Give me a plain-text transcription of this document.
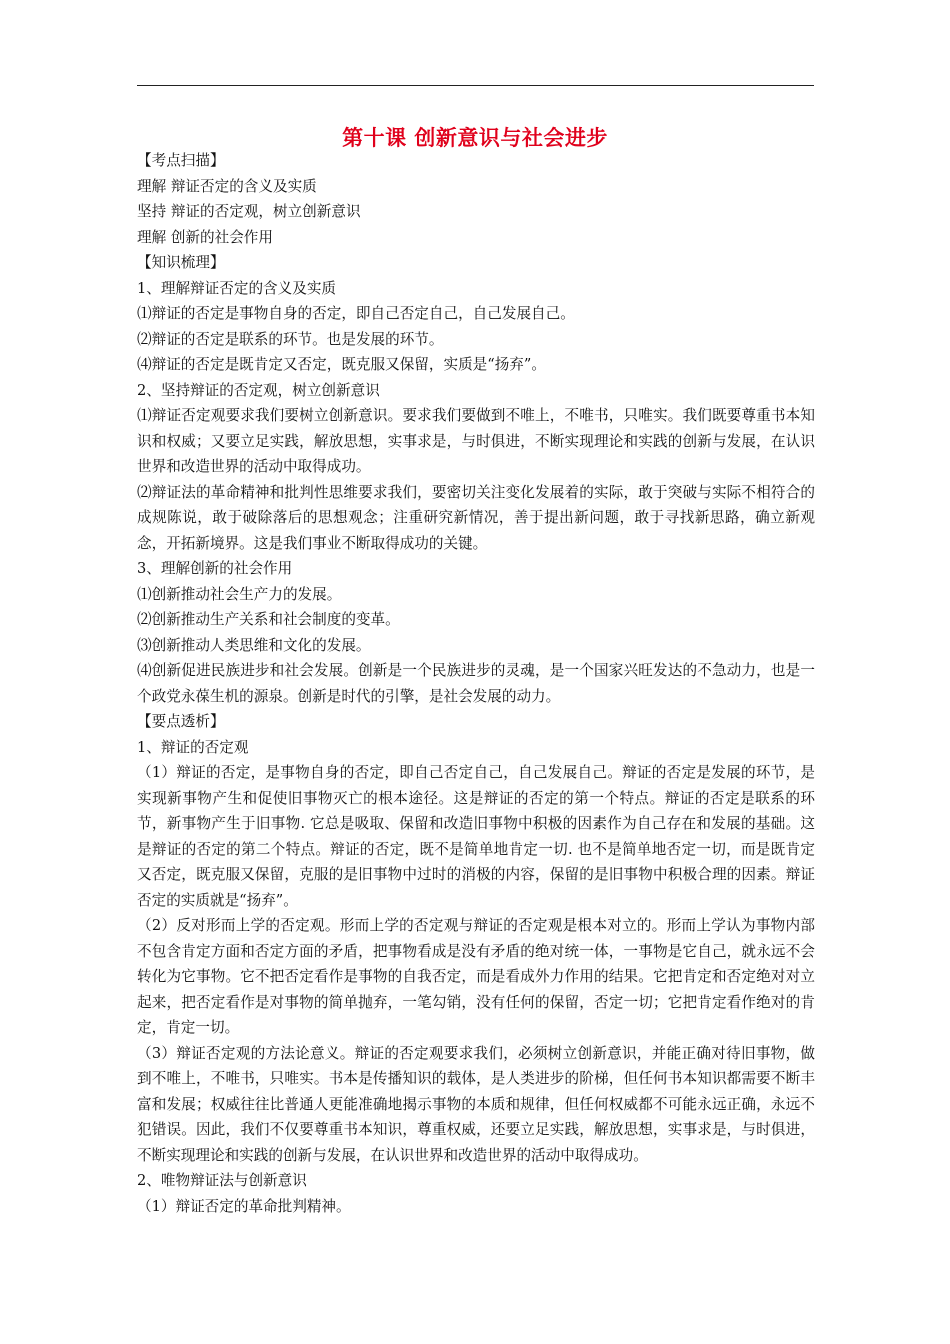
第十课 创新意识与社会进步

【考点扫描】

理解 辩证否定的含义及实质

坚持 辩证的否定观，树立创新意识

理解 创新的社会作用

【知识梳理】

1、理解辩证否定的含义及实质

⑴辩证的否定是事物自身的否定，即自己否定自己，自己发展自己。

⑵辩证的否定是联系的环节。也是发展的环节。

⑷辩证的否定是既肯定又否定，既克服又保留，实质是“扬弃”。

2、坚持辩证的否定观，树立创新意识

⑴辩证否定观要求我们要树立创新意识。要求我们要做到不唯上，不唯书，只唯实。我们既要尊重书本知识和权威；又要立足实践，解放思想，实事求是，与时俱进，不断实现理论和实践的创新与发展，在认识世界和改造世界的活动中取得成功。

⑵辩证法的革命精神和批判性思维要求我们，要密切关注变化发展着的实际，敢于突破与实际不相符合的成规陈说，敢于破除落后的思想观念；注重研究新情况，善于提出新问题，敢于寻找新思路，确立新观念，开拓新境界。这是我们事业不断取得成功的关键。

3、理解创新的社会作用

⑴创新推动社会生产力的发展。

⑵创新推动生产关系和社会制度的变革。

⑶创新推动人类思维和文化的发展。

⑷创新促进民族进步和社会发展。创新是一个民族进步的灵魂，是一个国家兴旺发达的不急动力，也是一个政党永葆生机的源泉。创新是时代的引擎，是社会发展的动力。

【要点透析】

1、辩证的否定观

（1）辩证的否定，是事物自身的否定，即自己否定自己，自己发展自己。辩证的否定是发展的环节，是实现新事物产生和促使旧事物灭亡的根本途径。这是辩证的否定的第一个特点。辩证的否定是联系的环节，新事物产生于旧事物. 它总是吸取、保留和改造旧事物中积极的因素作为自己存在和发展的基础。这是辩证的否定的第二个特点。辩证的否定，既不是简单地肯定一切. 也不是简单地否定一切，而是既肯定又否定，既克服又保留，克服的是旧事物中过时的消极的内容，保留的是旧事物中积极合理的因素。辩证否定的实质就是“扬弃”。

（2）反对形而上学的否定观。形而上学的否定观与辩证的否定观是根本对立的。形而上学认为事物内部不包含肯定方面和否定方面的矛盾，把事物看成是没有矛盾的绝对统一体，一事物是它自己，就永远不会转化为它事物。它不把否定看作是事物的自我否定，而是看成外力作用的结果。它把肯定和否定绝对对立起来，把否定看作是对事物的简单抛弃，一笔勾销，没有任何的保留，否定一切；它把肯定看作绝对的肯定，肯定一切。

（3）辩证否定观的方法论意义。辩证的否定观要求我们，必须树立创新意识，并能正确对待旧事物，做到不唯上，不唯书，只唯实。书本是传播知识的载体，是人类进步的阶梯，但任何书本知识都需要不断丰富和发展；权威往往比普通人更能准确地揭示事物的本质和规律，但任何权威都不可能永远正确，永远不犯错误。因此，我们不仅要尊重书本知识，尊重权威，还要立足实践，解放思想，实事求是，与时俱进，不断实现理论和实践的创新与发展，在认识世界和改造世界的活动中取得成功。

2、唯物辩证法与创新意识

（1）辩证否定的革命批判精神。
